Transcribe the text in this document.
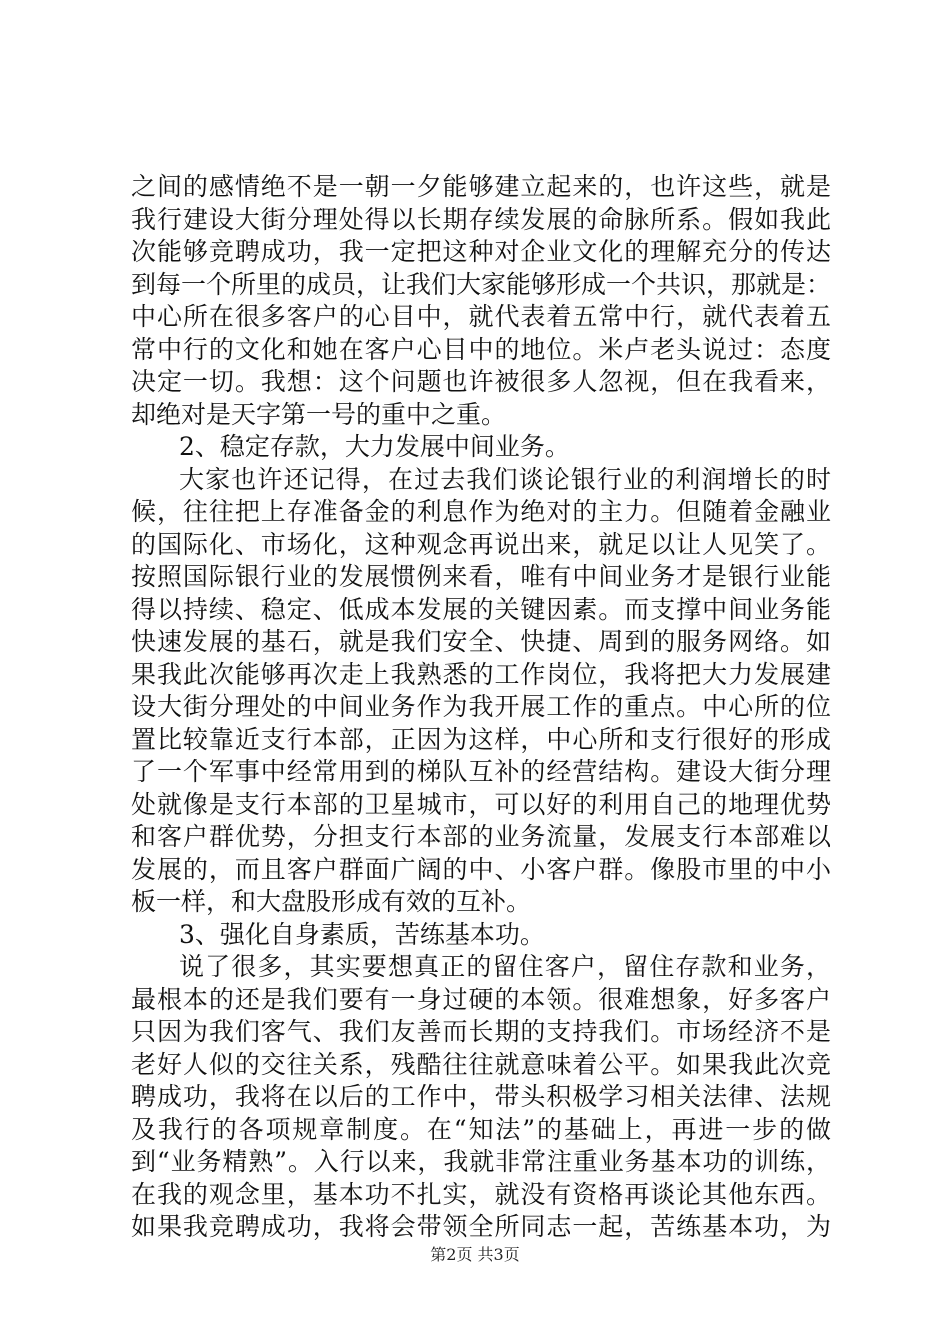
之间的感情绝不是一朝一夕能够建立起来的，也许这些，就是
我行建设大街分理处得以长期存续发展的命脉所系。假如我此
次能够竞聘成功，我一定把这种对企业文化的理解充分的传达
到每一个所里的成员，让我们大家能够形成一个共识，那就是：
中心所在很多客户的心目中，就代表着五常中行，就代表着五
常中行的文化和她在客户心目中的地位。米卢老头说过：态度
决定一切。我想：这个问题也许被很多人忽视，但在我看来，
却绝对是天字第一号的重中之重。
2、稳定存款，大力发展中间业务。
大家也许还记得，在过去我们谈论银行业的利润增长的时
候，往往把上存准备金的利息作为绝对的主力。但随着金融业
的国际化、市场化，这种观念再说出来，就足以让人见笑了。
按照国际银行业的发展惯例来看，唯有中间业务才是银行业能
得以持续、稳定、低成本发展的关键因素。而支撑中间业务能
快速发展的基石，就是我们安全、快捷、周到的服务网络。如
果我此次能够再次走上我熟悉的工作岗位，我将把大力发展建
设大街分理处的中间业务作为我开展工作的重点。中心所的位
置比较靠近支行本部，正因为这样，中心所和支行很好的形成
了一个军事中经常用到的梯队互补的经营结构。建设大街分理
处就像是支行本部的卫星城市，可以好的利用自己的地理优势
和客户群优势，分担支行本部的业务流量，发展支行本部难以
发展的，而且客户群面广阔的中、小客户群。像股市里的中小
板一样，和大盘股形成有效的互补。
3、强化自身素质，苦练基本功。
说了很多，其实要想真正的留住客户，留住存款和业务，
最根本的还是我们要有一身过硬的本领。很难想象，好多客户
只因为我们客气、我们友善而长期的支持我们。市场经济不是
老好人似的交往关系，残酷往往就意味着公平。如果我此次竞
聘成功，我将在以后的工作中，带头积极学习相关法律、法规
及我行的各项规章制度。在“知法”的基础上，再进一步的做
到“业务精熟”。入行以来，我就非常注重业务基本功的训练，
在我的观念里，基本功不扎实，就没有资格再谈论其他东西。
如果我竞聘成功，我将会带领全所同志一起，苦练基本功，为
第2页 共3页
